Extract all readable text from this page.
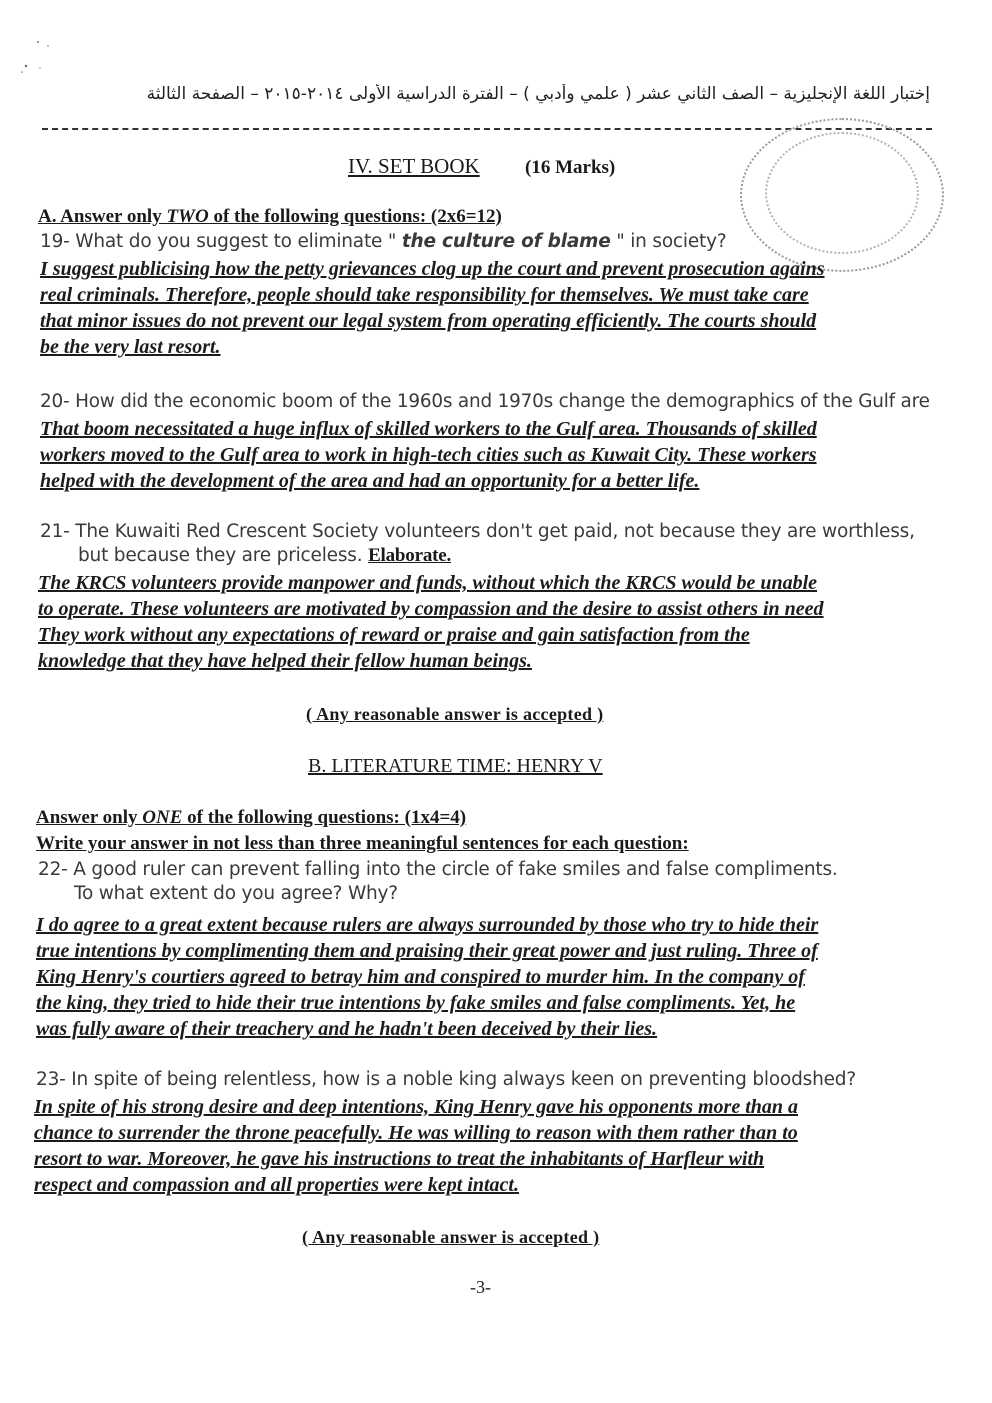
إختبار اللغة الإنجليزية – الصف الثاني عشر ( علمي وأدبي ) – الفترة الدراسية الأولى ٢٠١٤-٢٠١٥ – الصفحة الثالثة
IV. SET BOOK (16 Marks)
A. Answer only TWO of the following questions: (2x6=12)
19- What do you suggest to eliminate " the culture of blame " in society?
I suggest publicising how the petty grievances clog up the court and prevent prosecution agains
real criminals. Therefore, people should take responsibility for themselves. We must take care
that minor issues do not prevent our legal system from operating efficiently. The courts should
be the very last resort.
20- How did the economic boom of the 1960s and 1970s change the demographics of the Gulf are
That boom necessitated a huge influx of skilled workers to the Gulf area. Thousands of skilled
workers moved to the Gulf area to work in high-tech cities such as Kuwait City. These workers
helped with the development of the area and had an opportunity for a better life.
21- The Kuwaiti Red Crescent Society volunteers don't get paid, not because they are worthless,
but because they are priceless. Elaborate.
The KRCS volunteers provide manpower and funds, without which the KRCS would be unable
to operate. These volunteers are motivated by compassion and the desire to assist others in need
They work without any expectations of reward or praise and gain satisfaction from the
knowledge that they have helped their fellow human beings.
( Any reasonable answer is accepted )
B. LITERATURE TIME: HENRY V
Answer only ONE of the following questions: (1x4=4)
Write your answer in not less than three meaningful sentences for each question:
22- A good ruler can prevent falling into the circle of fake smiles and false compliments.
To what extent do you agree? Why?
I do agree to a great extent because rulers are always surrounded by those who try to hide their
true intentions by complimenting them and praising their great power and just ruling. Three of
King Henry's courtiers agreed to betray him and conspired to murder him. In the company of
the king, they tried to hide their true intentions by fake smiles and false compliments. Yet, he
was fully aware of their treachery and he hadn't been deceived by their lies.
23- In spite of being relentless, how is a noble king always keen on preventing bloodshed?
In spite of his strong desire and deep intentions, King Henry gave his opponents more than a
chance to surrender the throne peacefully. He was willing to reason with them rather than to
resort to war. Moreover, he gave his instructions to treat the inhabitants of Harfleur with
respect and compassion and all properties were kept intact.
( Any reasonable answer is accepted )
-3-
